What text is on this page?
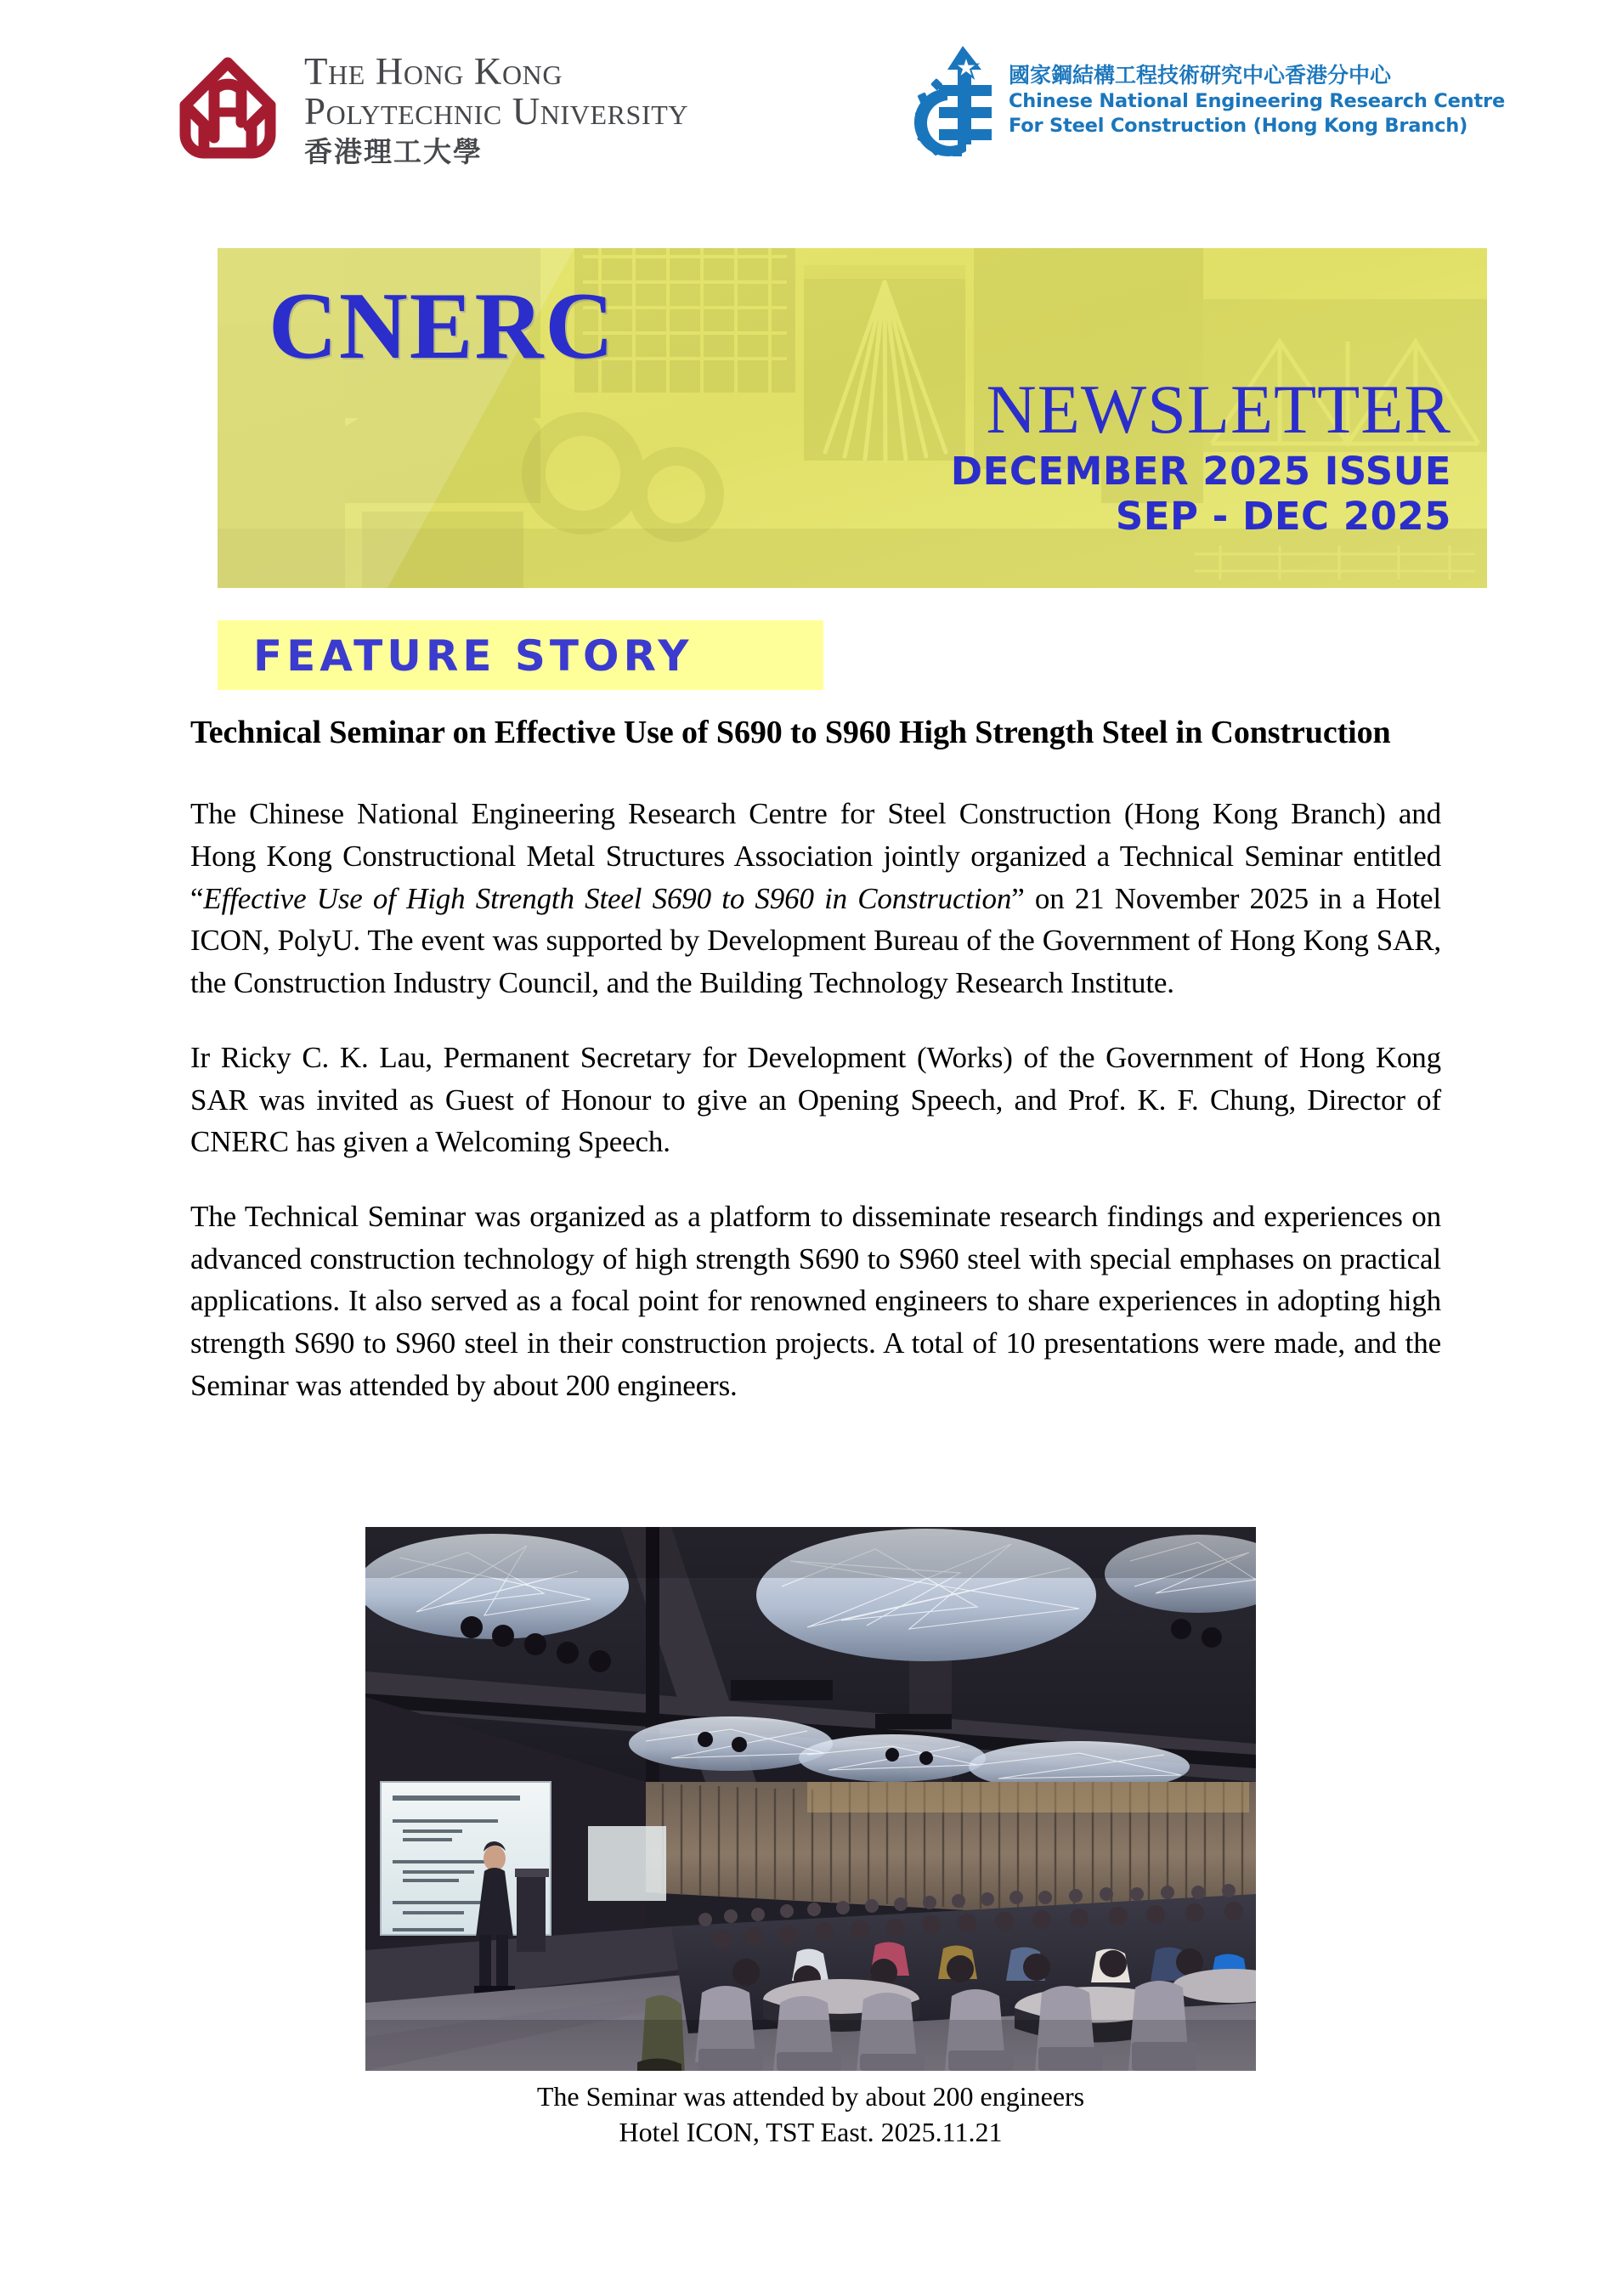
The Hong Kong
Polytechnic University
香港理工大學
國家鋼結構工程技術研究中心香港分中心
Chinese National Engineering Research Centre
For Steel Construction (Hong Kong Branch)
CNERC
NEWSLETTER
DECEMBER 2025 ISSUE
SEP - DEC 2025
FEATURE STORY
Technical Seminar on Effective Use of S690 to S960 High Strength Steel in Construction

The Chinese National Engineering Research Centre for Steel Construction (Hong Kong Branch) and Hong Kong Constructional Metal Structures Association jointly organized a Technical Seminar entitled “Effective Use of High Strength Steel S690 to S960 in Construction” on 21 November 2025 in a Hotel ICON, PolyU. The event was supported by Development Bureau of the Government of Hong Kong SAR, the Construction Industry Council, and the Building Technology Research Institute.

Ir Ricky C. K. Lau, Permanent Secretary for Development (Works) of the Government of Hong Kong SAR was invited as Guest of Honour to give an Opening Speech, and Prof. K. F. Chung, Director of CNERC has given a Welcoming Speech.

The Technical Seminar was organized as a platform to disseminate research findings and experiences on advanced construction technology of high strength S690 to S960 steel with special emphases on practical applications. It also served as a focal point for renowned engineers to share experiences in adopting high strength S690 to S960 steel in their construction projects. A total of 10 presentations were made, and the Seminar was attended by about 200 engineers.

The Seminar was attended by about 200 engineers
Hotel ICON, TST East. 2025.11.21
